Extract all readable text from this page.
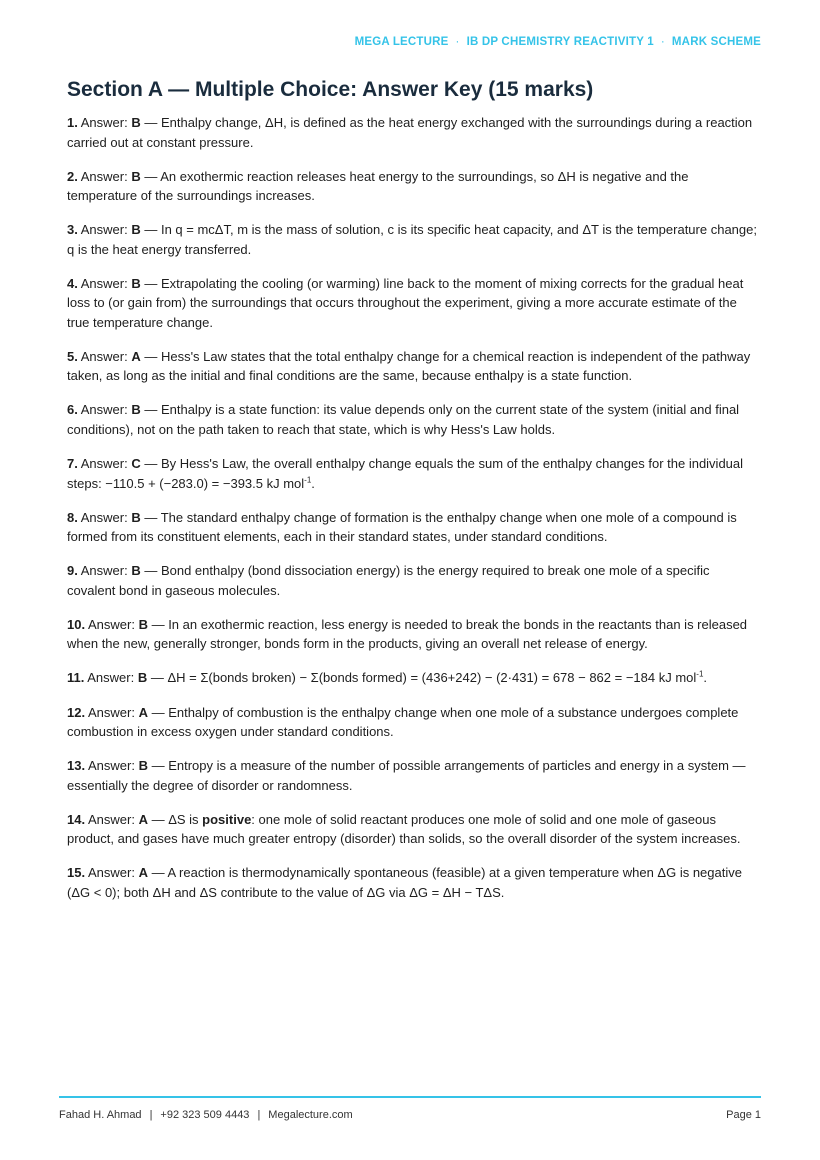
MEGA LECTURE · IB DP CHEMISTRY REACTIVITY 1 · MARK SCHEME
Section A — Multiple Choice: Answer Key (15 marks)

1. Answer: B — Enthalpy change, ΔH, is defined as the heat energy exchanged with the surroundings during a reaction carried out at constant pressure.

2. Answer: B — An exothermic reaction releases heat energy to the surroundings, so ΔH is negative and the temperature of the surroundings increases.

3. Answer: B — In q = mcΔT, m is the mass of solution, c is its specific heat capacity, and ΔT is the temperature change; q is the heat energy transferred.

4. Answer: B — Extrapolating the cooling (or warming) line back to the moment of mixing corrects for the gradual heat loss to (or gain from) the surroundings that occurs throughout the experiment, giving a more accurate estimate of the true temperature change.

5. Answer: A — Hess's Law states that the total enthalpy change for a chemical reaction is independent of the pathway taken, as long as the initial and final conditions are the same, because enthalpy is a state function.

6. Answer: B — Enthalpy is a state function: its value depends only on the current state of the system (initial and final conditions), not on the path taken to reach that state, which is why Hess's Law holds.

7. Answer: C — By Hess's Law, the overall enthalpy change equals the sum of the enthalpy changes for the individual steps: −110.5 + (−283.0) = −393.5 kJ mol$^{-1}$.

8. Answer: B — The standard enthalpy change of formation is the enthalpy change when one mole of a compound is formed from its constituent elements, each in their standard states, under standard conditions.

9. Answer: B — Bond enthalpy (bond dissociation energy) is the energy required to break one mole of a specific covalent bond in gaseous molecules.

10. Answer: B — In an exothermic reaction, less energy is needed to break the bonds in the reactants than is released when the new, generally stronger, bonds form in the products, giving an overall net release of energy.

11. Answer: B — ΔH = Σ(bonds broken) − Σ(bonds formed) = (436+242) − (2·431) = 678 − 862 = −184 kJ mol$^{-1}$.

12. Answer: A — Enthalpy of combustion is the enthalpy change when one mole of a substance undergoes complete combustion in excess oxygen under standard conditions.

13. Answer: B — Entropy is a measure of the number of possible arrangements of particles and energy in a system — essentially the degree of disorder or randomness.

14. Answer: A — ΔS is positive: one mole of solid reactant produces one mole of solid and one mole of gaseous product, and gases have much greater entropy (disorder) than solids, so the overall disorder of the system increases.

15. Answer: A — A reaction is thermodynamically spontaneous (feasible) at a given temperature when ΔG is negative (ΔG < 0); both ΔH and ΔS contribute to the value of ΔG via ΔG = ΔH − TΔS.

Fahad H. Ahmad | +92 323 509 4443 | Megalecture.com	Page 1
